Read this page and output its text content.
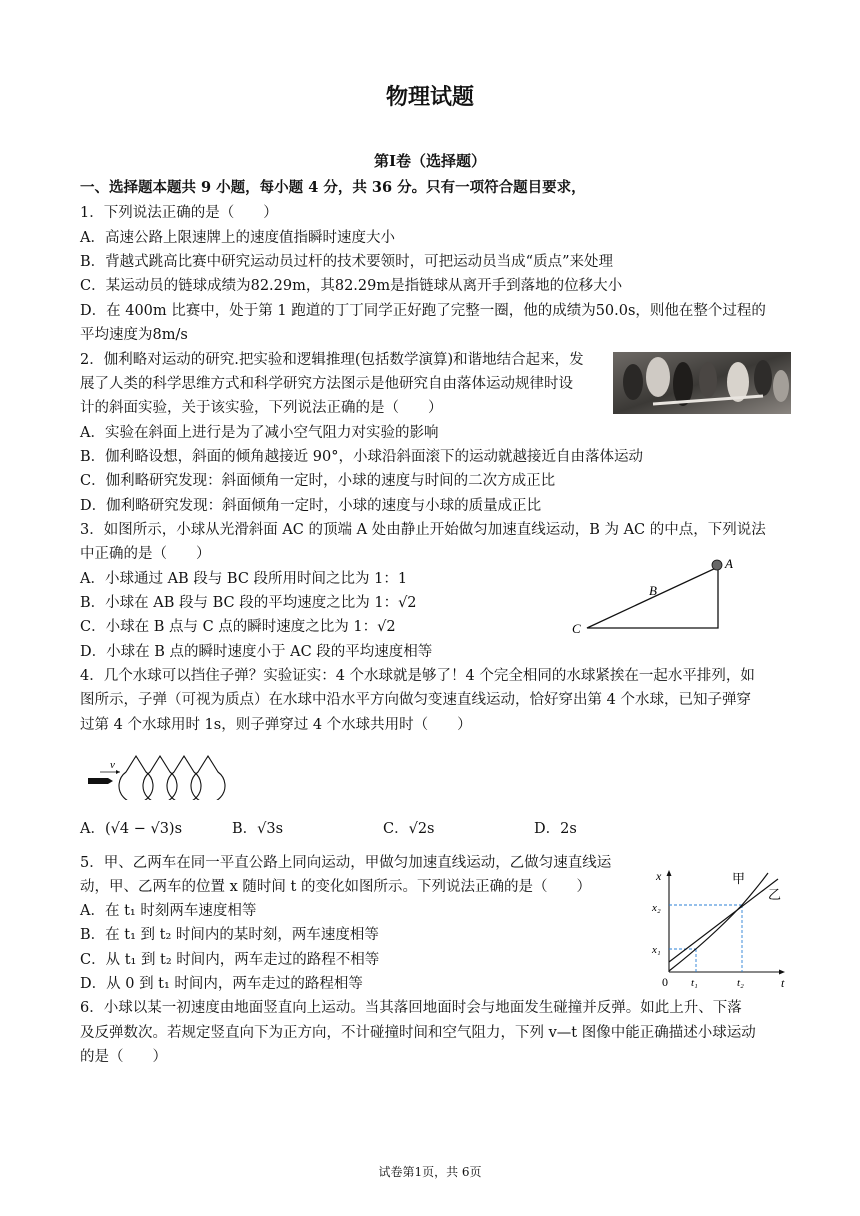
物理试题
第Ⅰ卷（选择题）
一、选择题本题共 9 小题，每小题 4 分，共 36 分。只有一项符合题目要求，
1．下列说法正确的是（　　）
A．高速公路上限速牌上的速度值指瞬时速度大小
B．背越式跳高比赛中研究运动员过杆的技术要领时，可把运动员当成“质点”来处理
C．某运动员的链球成绩为82.29m，其82.29m是指链球从离开手到落地的位移大小
D．在 400m 比赛中，处于第 1 跑道的丁丁同学正好跑了完整一圈，他的成绩为50.0s，则他在整个过程的
平均速度为8m/s
2．伽利略对运动的研究.把实验和逻辑推理(包括数学演算)和谐地结合起来，发
展了人类的科学思维方式和科学研究方法图示是他研究自由落体运动规律时设
计的斜面实验，关于该实验，下列说法正确的是（　　）
A．实验在斜面上进行是为了减小空气阻力对实验的影响
B．伽利略设想，斜面的倾角越接近 90°，小球沿斜面滚下的运动就越接近自由落体运动
C．伽利略研究发现：斜面倾角一定时，小球的速度与时间的二次方成正比
D．伽利略研究发现：斜面倾角一定时，小球的速度与小球的质量成正比
3．如图所示，小球从光滑斜面 AC 的顶端 A 处由静止开始做匀加速直线运动，B 为 AC 的中点，下列说法
中正确的是（　　）
A．小球通过 AB 段与 BC 段所用时间之比为 1：1
B．小球在 AB 段与 BC 段的平均速度之比为 1：√2
C．小球在 B 点与 C 点的瞬时速度之比为 1：√2
D．小球在 B 点的瞬时速度小于 AC 段的平均速度相等
A
B
C
4．几个水球可以挡住子弹？实验证实：4 个水球就是够了！4 个完全相同的水球紧挨在一起水平排列，如
图所示，子弹（可视为质点）在水球中沿水平方向做匀变速直线运动，恰好穿出第 4 个水球，已知子弹穿
过第 4 个水球用时 1s，则子弹穿过 4 个水球共用时（　　）
v
A．(√4 − √3)s	B．√3s	C．√2s	D．2s
5．甲、乙两车在同一平直公路上同向运动，甲做匀加速直线运动，乙做匀速直线运
动，甲、乙两车的位置 x 随时间 t 的变化如图所示。下列说法正确的是（　　）
A．在 t₁ 时刻两车速度相等
B．在 t₁ 到 t₂ 时间内的某时刻，两车速度相等
C．从 t₁ 到 t₂ 时间内，两车走过的路程不相等
D．从 0 到 t₁ 时间内，两车走过的路程相等
x
t
x₂
x₁
t₁	t₂
0
甲
乙
6．小球以某一初速度由地面竖直向上运动。当其落回地面时会与地面发生碰撞并反弹。如此上升、下落
及反弹数次。若规定竖直向下为正方向，不计碰撞时间和空气阻力，下列 v—t 图像中能正确描述小球运动
的是（　　）
试卷第1页，共 6页
